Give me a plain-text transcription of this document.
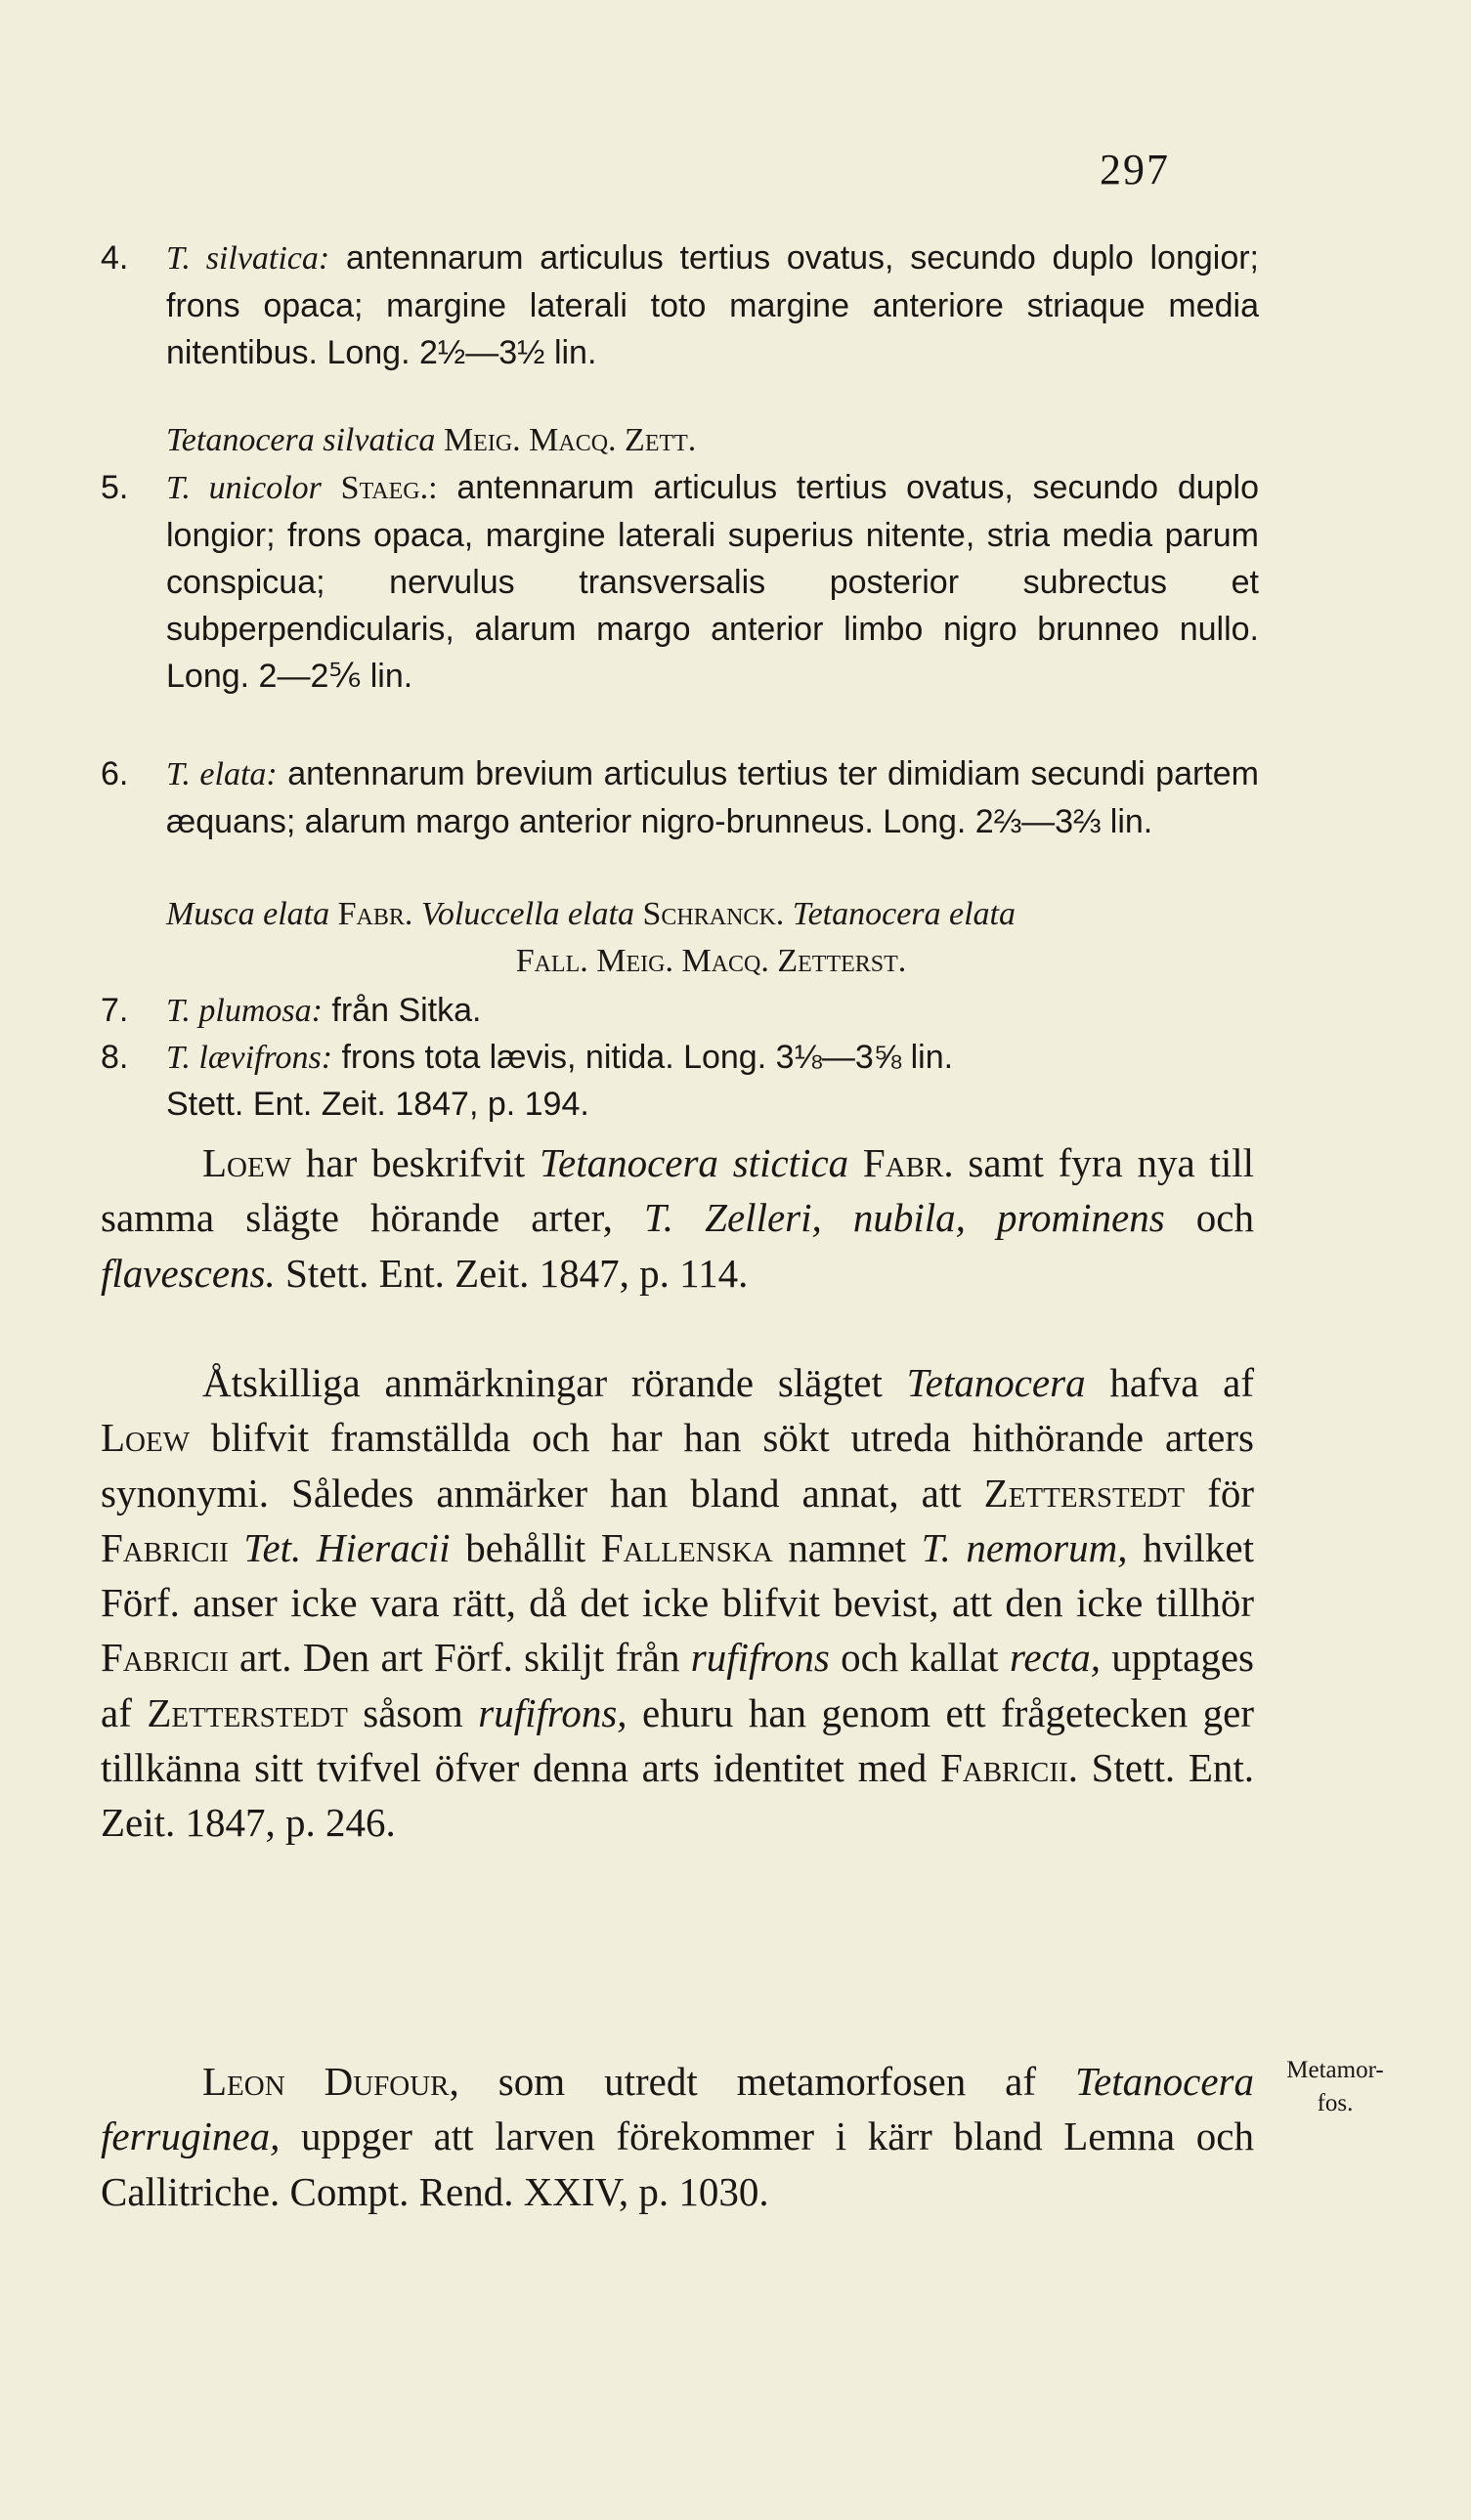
297
4. T. silvatica: antennarum articulus tertius ovatus, secundo duplo longior; frons opaca; margine laterali toto margine anteriore striaque media nitentibus. Long. 2½—3½ lin.
Tetanocera silvatica Meig. Macq. Zett.
5. T. unicolor Staeg.: antennarum articulus tertius ovatus, secundo duplo longior; frons opaca, margine laterali superius nitente, stria media parum conspicua; nervulus transversalis posterior subrectus et subperpendicularis, alarum margo anterior limbo nigro brunneo nullo. Long. 2—2⅚ lin.
6. T. elata: antennarum brevium articulus tertius ter dimidiam secundi partem æquans; alarum margo anterior nigro-brunneus. Long. 2⅔—3⅔ lin.
Musca elata Fabr. Voluccella elata Schranck. Tetanocera elata
Fall. Meig. Macq. Zetterst.
7. T. plumosa: från Sitka.
8. T. lævifrons: frons tota lævis, nitida. Long. 3⅛—3⅝ lin.
Stett. Ent. Zeit. 1847, p. 194.
Loew har beskrifvit Tetanocera stictica Fabr. samt fyra nya till samma slägte hörande arter, T. Zelleri, nubila, prominens och flavescens. Stett. Ent. Zeit. 1847, p. 114.
Åtskilliga anmärkningar rörande slägtet Tetanocera hafva af Loew blifvit framställda och har han sökt utreda hithörande arters synonymi. Således anmärker han bland annat, att Zetterstedt för Fabricii Tet. Hieracii behållit Fallenska namnet T. nemorum, hvilket Förf. anser icke vara rätt, då det icke blifvit bevist, att den icke tillhör Fabricii art. Den art Förf. skiljt från rufifrons och kallat recta, upptages af Zetterstedt såsom rufifrons, ehuru han genom ett frågetecken ger tillkänna sitt tvifvel öfver denna arts identitet med Fabricii. Stett. Ent. Zeit. 1847, p. 246.
Leon Dufour, som utredt metamorfosen af Tetanocera ferruginea, uppger att larven förekommer i kärr bland Lemna och Callitriche. Compt. Rend. XXIV, p. 1030.
Metamor-
fos.
